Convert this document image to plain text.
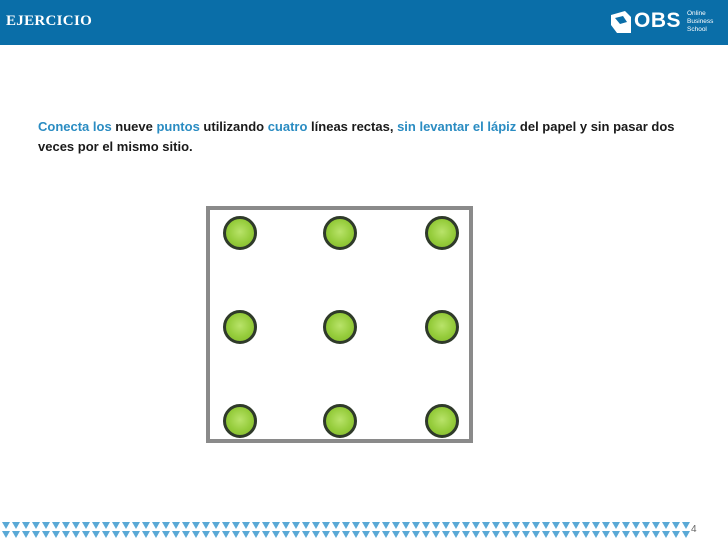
EJERCICIO	OBS Online
Business
School
Conecta los nueve puntos utilizando cuatro líneas rectas, sin levantar el lápiz del papel y sin pasar dos veces por el mismo sitio.
4
